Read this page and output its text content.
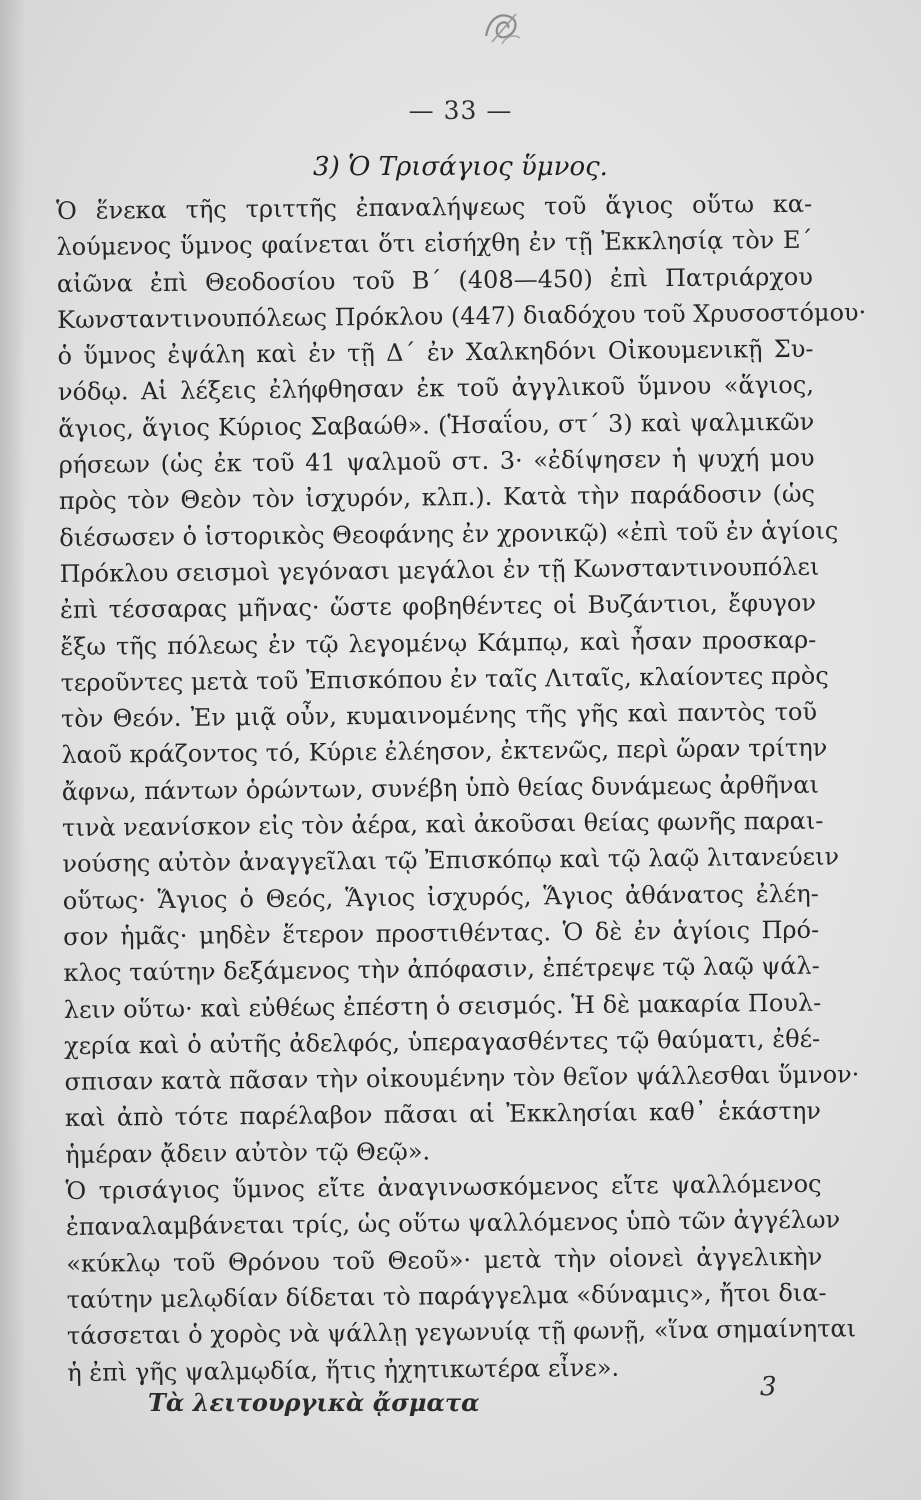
— 33 —
3) Ὁ Τρισάγιος ὕμνος.
Ὁ ἕνεκα τῆς τριττῆς ἐπαναλήψεως τοῦ ἅγιος οὕτω κα-
λούμενος ὕμνος φαίνεται ὅτι εἰσήχθη ἐν τῇ Ἐκκλησίᾳ τὸν Ε΄
αἰῶνα ἐπὶ Θεοδοσίου τοῦ Β΄ (408—450) ἐπὶ Πατριάρχου
Κωνσταντινουπόλεως Πρόκλου (447) διαδόχου τοῦ Χρυσοστόμου·
ὁ ὕμνος ἐψάλη καὶ ἐν τῇ Δ΄ ἐν Χαλκηδόνι Οἰκουμενικῇ Συ-
νόδῳ. Αἱ λέξεις ἐλήφθησαν ἐκ τοῦ ἀγγλικοῦ ὕμνου «ἅγιος,
ἅγιος, ἅγιος Κύριος Σαβαώθ». (Ἡσαΐου, στ΄ 3) καὶ ψαλμικῶν
ρήσεων (ὡς ἐκ τοῦ 41 ψαλμοῦ στ. 3· «ἐδίψησεν ἡ ψυχή μου
πρὸς τὸν Θεὸν τὸν ἰσχυρόν, κλπ.). Κατὰ τὴν παράδοσιν (ὡς
διέσωσεν ὁ ἱστορικὸς Θεοφάνης ἐν χρονικῷ) «ἐπὶ τοῦ ἐν ἁγίοις
Πρόκλου σεισμοὶ γεγόνασι μεγάλοι ἐν τῇ Κωνσταντινουπόλει
ἐπὶ τέσσαρας μῆνας· ὥστε φοβηθέντες οἱ Βυζάντιοι, ἔφυγον
ἔξω τῆς πόλεως ἐν τῷ λεγομένῳ Κάμπῳ, καὶ ἦσαν προσκαρ-
τεροῦντες μετὰ τοῦ Ἐπισκόπου ἐν ταῖς Λιταῖς, κλαίοντες πρὸς
τὸν Θεόν. Ἐν μιᾷ οὖν, κυμαινομένης τῆς γῆς καὶ παντὸς τοῦ
λαοῦ κράζοντος τό, Κύριε ἐλέησον, ἐκτενῶς, περὶ ὥραν τρίτην
ἄφνω, πάντων ὁρώντων, συνέβη ὑπὸ θείας δυνάμεως ἀρθῆναι
τινὰ νεανίσκον εἰς τὸν ἀέρα, καὶ ἀκοῦσαι θείας φωνῆς παραι-
νούσης αὐτὸν ἀναγγεῖλαι τῷ Ἐπισκόπῳ καὶ τῷ λαῷ λιτανεύειν
οὕτως· Ἅγιος ὁ Θεός, Ἅγιος ἰσχυρός, Ἅγιος ἀθάνατος ἐλέη-
σον ἡμᾶς· μηδὲν ἕτερον προστιθέντας. Ὁ δὲ ἐν ἁγίοις Πρό-
κλος ταύτην δεξάμενος τὴν ἀπόφασιν, ἐπέτρεψε τῷ λαῷ ψάλ-
λειν οὕτω· καὶ εὐθέως ἐπέστη ὁ σεισμός. Ἡ δὲ μακαρία Πουλ-
χερία καὶ ὁ αὐτῆς ἀδελφός, ὑπεραγασθέντες τῷ θαύματι, ἐθέ-
σπισαν κατὰ πᾶσαν τὴν οἰκουμένην τὸν θεῖον ψάλλεσθαι ὕμνον·
καὶ ἀπὸ τότε παρέλαβον πᾶσαι αἱ Ἐκκλησίαι καθ᾽ ἑκάστην
ἡμέραν ᾄδειν αὐτὸν τῷ Θεῷ».
Ὁ τρισάγιος ὕμνος εἴτε ἀναγινωσκόμενος εἴτε ψαλλόμενος
ἐπαναλαμβάνεται τρίς, ὡς οὕτω ψαλλόμενος ὑπὸ τῶν ἀγγέλων
«κύκλῳ τοῦ Θρόνου τοῦ Θεοῦ»· μετὰ τὴν οἱονεὶ ἀγγελικὴν
ταύτην μελῳδίαν δίδεται τὸ παράγγελμα «δύναμις», ἤτοι δια-
τάσσεται ὁ χορὸς νὰ ψάλλῃ γεγωνυίᾳ τῇ φωνῇ, «ἵνα σημαίνηται
ἡ ἐπὶ γῆς ψαλμῳδία, ἥτις ἠχητικωτέρα εἶνε».
Τὰ λειτουργικὰ ᾄσματα
3
